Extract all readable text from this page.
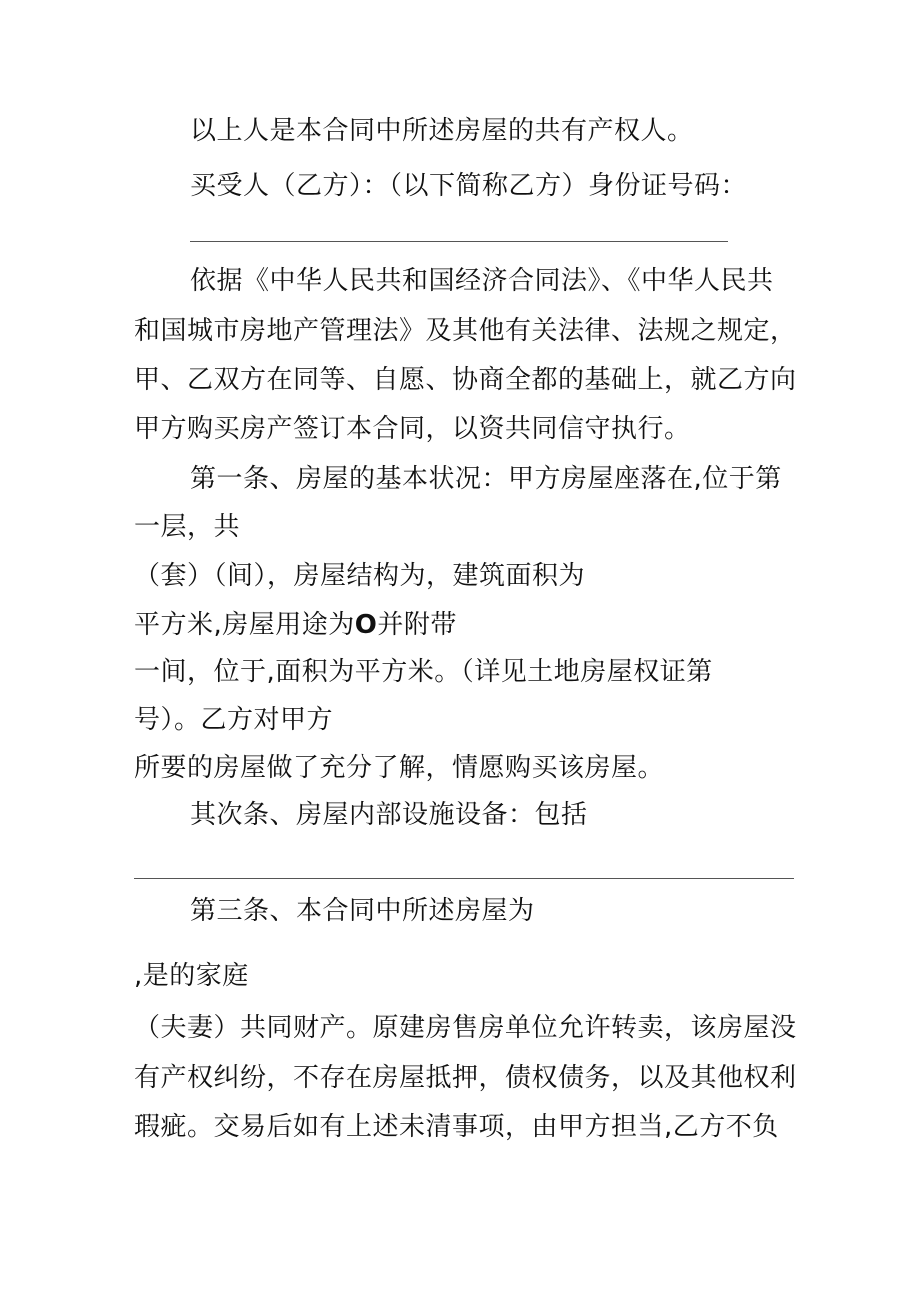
以上人是本合同中所述房屋的共有产权人。
买受人（乙方）：（以下简称乙方）身份证号码：
依据《中华人民共和国经济合同法》、《中华人民共
和国城市房地产管理法》及其他有关法律、法规之规定，
甲、乙双方在同等、自愿、协商全都的基础上，就乙方向
甲方购买房产签订本合同，以资共同信守执行。
第一条、房屋的基本状况：甲方房屋座落在,位于第
一层，共
（套）（间），房屋结构为，建筑面积为
平方米,房屋用途为O并附带
一间，位于,面积为平方米。（详见土地房屋权证第
号）。乙方对甲方
所要的房屋做了充分了解，情愿购买该房屋。
其次条、房屋内部设施设备：包括
第三条、本合同中所述房屋为
,是的家庭
（夫妻）共同财产。原建房售房单位允许转卖，该房屋没
有产权纠纷，不存在房屋抵押，债权债务，以及其他权利
瑕疵。交易后如有上述未清事项，由甲方担当,乙方不负
